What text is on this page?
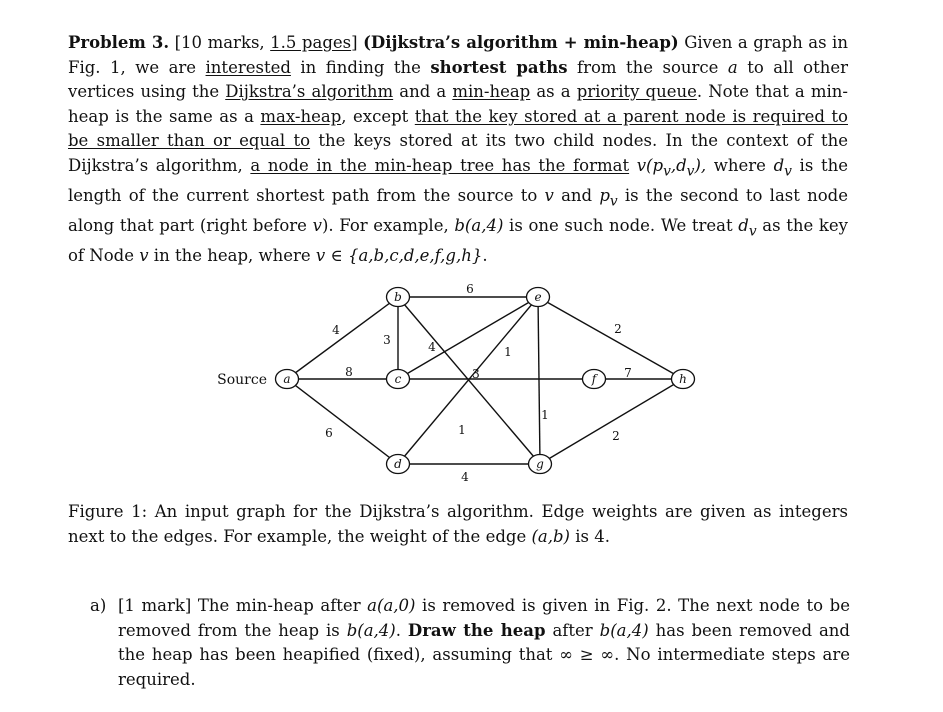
Problem 3. [10 marks, 1.5 pages] (Dijkstra’s algorithm + min-heap) Given a graph as in Fig. 1, we are interested in finding the shortest paths from the source a to all other vertices using the Dijkstra’s algorithm and a min-heap as a priority queue. Note that a min-heap is the same as a max-heap, except that the key stored at a parent node is required to be smaller than or equal to the keys stored at its two child nodes. In the context of the Dijkstra’s algorithm, a node in the min-heap tree has the format $v(p_v,d_v)$, where $d_v$ is the length of the current shortest path from the source to v and $p_v$ is the second to last node along that part (right before v). For example, b(a,4) is one such node. We treat $d_v$ as the key of Node v in the heap, where v ∈ {a,b,c,d,e,f,g,h}.
4
8
6
3
6
4	1
3
1
4
1
2
7
2
a
b
c
d
e
f
g
h
Source
Figure 1: An input graph for the Dijkstra’s algorithm. Edge weights are given as integers next to the edges. For example, the weight of the edge (a,b) is 4.
a) [1 mark] The min-heap after a(a,0) is removed is given in Fig. 2. The next node to be removed from the heap is b(a,4). Draw the heap after b(a,4) has been removed and the heap has been heapified (fixed), assuming that ∞ ≥ ∞. No intermediate steps are required.
